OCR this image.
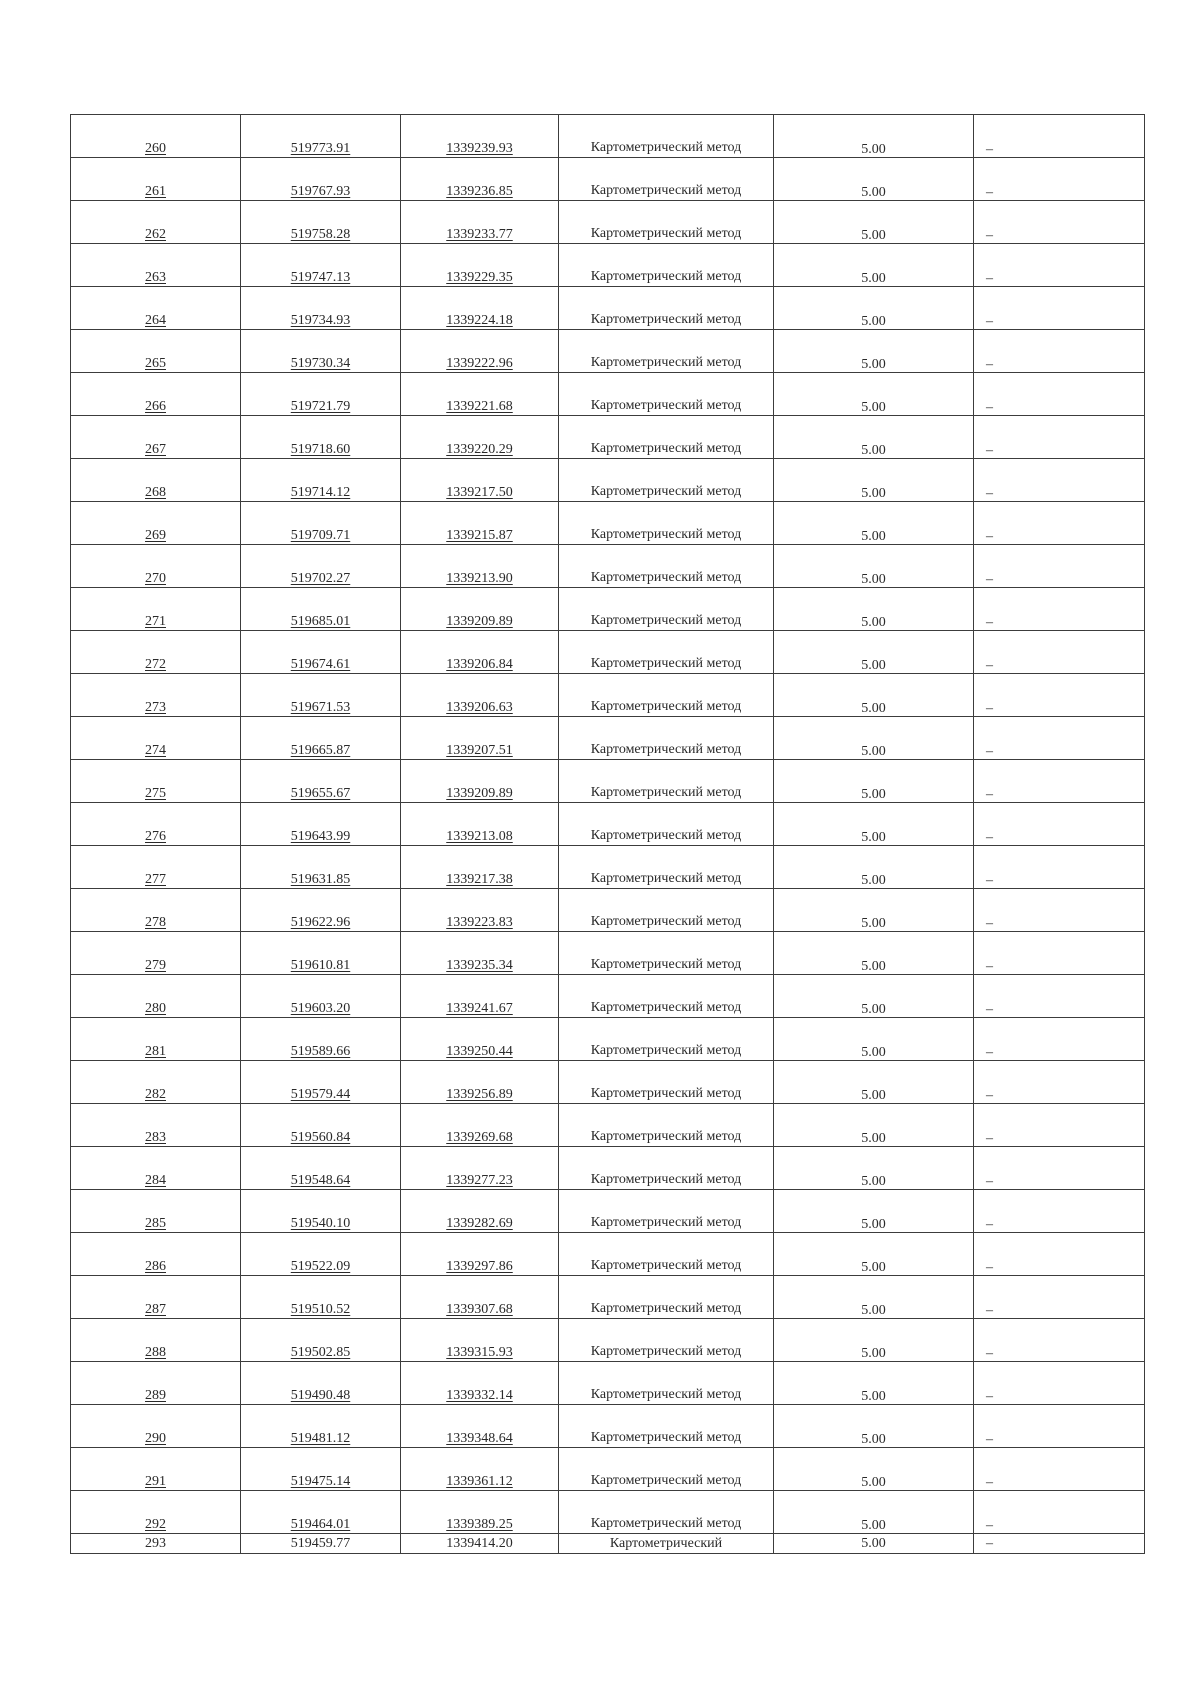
260	519773.91	1339239.93	Картометрический метод	5.00	–

261	519767.93	1339236.85	Картометрический метод	5.00	–

262	519758.28	1339233.77	Картометрический метод	5.00	–

263	519747.13	1339229.35	Картометрический метод	5.00	–

264	519734.93	1339224.18	Картометрический метод	5.00	–

265	519730.34	1339222.96	Картометрический метод	5.00	–

266	519721.79	1339221.68	Картометрический метод	5.00	–

267	519718.60	1339220.29	Картометрический метод	5.00	–

268	519714.12	1339217.50	Картометрический метод	5.00	–

269	519709.71	1339215.87	Картометрический метод	5.00	–

270	519702.27	1339213.90	Картометрический метод	5.00	–

271	519685.01	1339209.89	Картометрический метод	5.00	–

272	519674.61	1339206.84	Картометрический метод	5.00	–

273	519671.53	1339206.63	Картометрический метод	5.00	–

274	519665.87	1339207.51	Картометрический метод	5.00	–

275	519655.67	1339209.89	Картометрический метод	5.00	–

276	519643.99	1339213.08	Картометрический метод	5.00	–

277	519631.85	1339217.38	Картометрический метод	5.00	–

278	519622.96	1339223.83	Картометрический метод	5.00	–

279	519610.81	1339235.34	Картометрический метод	5.00	–

280	519603.20	1339241.67	Картометрический метод	5.00	–

281	519589.66	1339250.44	Картометрический метод	5.00	–

282	519579.44	1339256.89	Картометрический метод	5.00	–

283	519560.84	1339269.68	Картометрический метод	5.00	–

284	519548.64	1339277.23	Картометрический метод	5.00	–

285	519540.10	1339282.69	Картометрический метод	5.00	–

286	519522.09	1339297.86	Картометрический метод	5.00	–

287	519510.52	1339307.68	Картометрический метод	5.00	–

288	519502.85	1339315.93	Картометрический метод	5.00	–

289	519490.48	1339332.14	Картометрический метод	5.00	–

290	519481.12	1339348.64	Картометрический метод	5.00	–

291	519475.14	1339361.12	Картометрический метод	5.00	–

292	519464.01	1339389.25	Картометрический метод	5.00	–

293	519459.77	1339414.20	Картометрический	5.00	–
